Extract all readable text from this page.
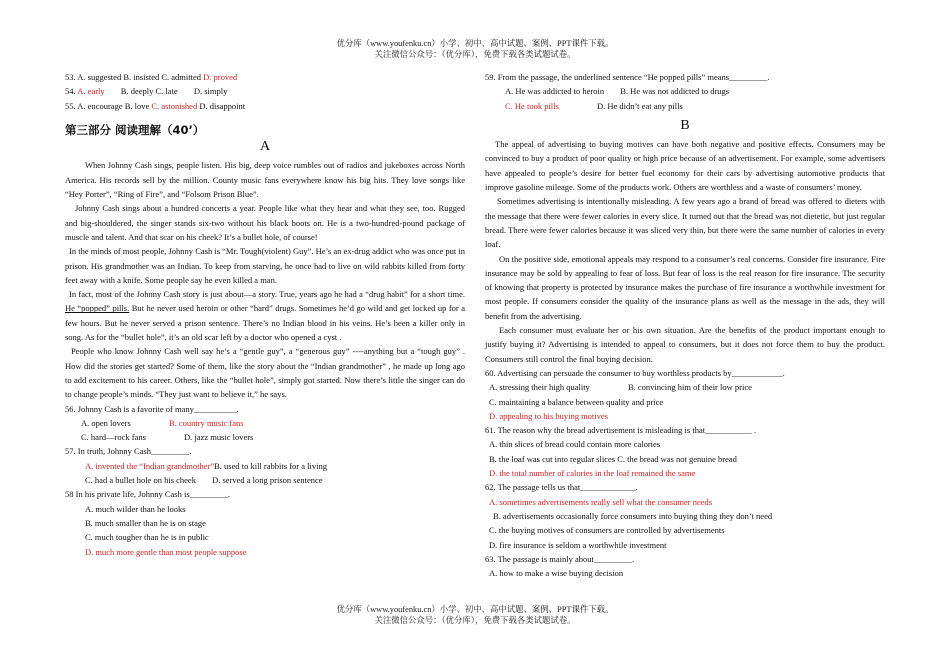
优分库（www.youfenku.cn）小学、初中、高中试题、案例、PPT课件下载。
关注微信公众号：（优分库），免费下载各类试题试卷。
53. A. suggested B. insisted C. admitted D. proved
54. A. early B. deeply C. late D. simply
55. A. encourage B. love C. astonished D. disappoint
第三部分 阅读理解（40’）
A
When Johnny Cash sings, people listen. His big, deep voice rumbles out of radios and jukeboxes across North America. His records sell by the million. County music fans everywhere know his big hits. They love songs like “Hey Porter”, “Ring of Fire”, and “Folsom Prison Blue”.
Johnny Cash sings about a hundred concerts a year. People like what they hear and what they see, too. Rugged and big-shouldered, the singer stands six-two without his black boots on. He is a two-hundred-pound package of muscle and talent. And that scar on his cheek? It’s a bullet hole, of course!
In the minds of most people, Johnny Cash is “Mr. Tough(violent) Guy”. He’s an ex-drug addict who was once put in prison. His grandmother was an Indian. To keep from starving, he once had to live on wild rabbits killed from forty feet away with a knife. Some people say he even killed a man.
In fact, most of the Johnny Cash story is just about—a story. True, years ago he had a “drug habit” for a short time. He “popped” pills. But he never used heroin or other “hard” drugs. Sometimes he’d go wild and get locked up for a few hours. But he never served a prison sentence. There’s no Indian blood in his veins. He’s been a killer only in song. As for the “bullet hole”, it’s an old scar left by a doctor who opened a cyst .
People who know Johnny Cash well say he’s a “gentle guy”, a “generous guy” ----anything but a “tough guy” . How did the stories get started? Some of them, like the story about the “Indian grandmother” , he made up long ago to add excitement to his career. Others, like the “bullet hole”, simply got started. Now there’s little the singer can do to change people’s minds. “They just want to believe it,” he says.
56. Johnny Cash is a favorite of many__________.
A. open lovers	B. country music fans
C. hard—rock fans	D. jazz music lovers
57. In truth, Johnny Cash_________.
A. invented the “Indian grandmother”B. used to kill rabbits for a living
C. had a bullet hole on his cheek D. served a long prison sentence
58 In his private life, Johnny Cash is_________.
A. much wilder than he looks
B. much smaller than he is on stage
C. much tougher than he is in public
D. much more gentle than most people suppose
59. From the passage, the underlined sentence “He popped pills” means_________.
A. He was addicted to heroin B. He was not addicted to drugs
C. He took pills	D. He didn’t eat any pills
B
The appeal of advertising to buying motives can have both negative and positive effects. Consumers may be convinced to buy a product of poor quality or high price because of an advertisement. For example, some advertisers have appealed to people’s desire for better fuel economy for their cars by advertising automotive products that improve gasoline mileage. Some of the products work. Others are worthless and a waste of consumers’ money.
Sometimes advertising is intentionally misleading. A few years ago a brand of bread was offered to dieters with the message that there were fewer calories in every slice. It turned out that the bread was not dietetic, but just regular bread. There were fewer calories because it was sliced very thin, but there were the same number of calories in every loaf.
On the positive side, emotional appeals may respond to a consumer’s real concerns. Consider fire insurance. Fire insurance may be sold by appealing to fear of loss. But fear of loss is the real reason for fire insurance. The security of knowing that property is protected by insurance makes the purchase of fire insurance a worthwhile investment for most people. If consumers consider the quality of the insurance plans as well as the message in the ads, they will benefit from the advertising.
Each consumer must evaluate her or his own situation. Are the benefits of the product important enough to justify buying it? Advertising is intended to appeal to consumers, but it does not force them to buy the product. Consumers still control the final buying decision.
60. Advertising can persuade the consumer to buy worthless products by____________.
A. stressing their high quality	B. convincing him of their low price
C. maintaining a balance between quality and price
D. appealing to his buying motives
61. The reason why the bread advertisement is misleading is that___________ .
A. thin slices of bread could contain more calories
B. the loaf was cut into regular slices C. the bread was not genuine bread
D. the total number of calories in the loaf remained the same
62. The passage tells us that_____________.
A. sometimes advertisements really sell what the consumer needs
B. advertisements occasionally force consumers into buying thing they don’t need
C. the buying motives of consumers are controlled by advertisements
D. fire insurance is seldom a worthwhile investment
63. The passage is mainly about_________.
A. how to make a wise buying decision
优分库（www.youfenku.cn）小学、初中、高中试题、案例、PPT课件下载。
关注微信公众号：（优分库），免费下载各类试题试卷。
